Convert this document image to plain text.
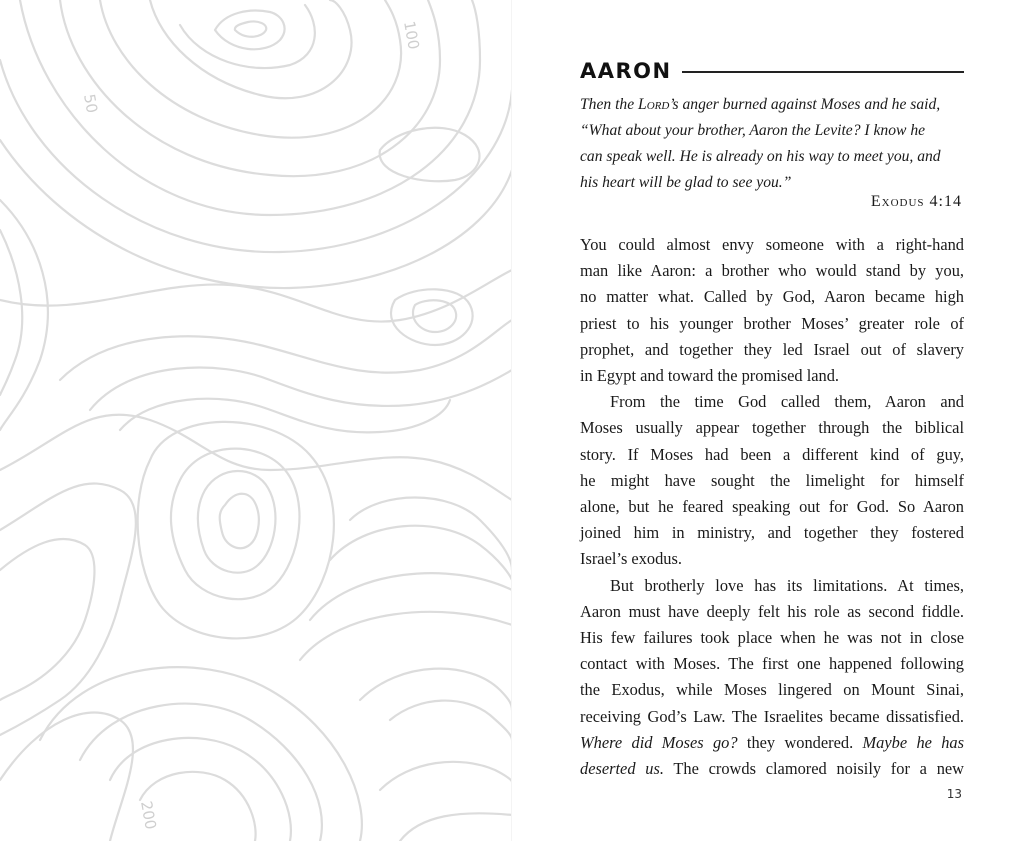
100
50
200
AARON

Then the Lord’s anger burned against Moses and he said,
“What about your brother, Aaron the Levite? I know he
can speak well. He is already on his way to meet you, and
his heart will be glad to see you.”

Exodus 4:14

You could almost envy someone with a right-hand

man like Aaron: a brother who would stand by you,

no matter what. Called by God, Aaron became high

priest to his younger brother Moses’ greater role of

prophet, and together they led Israel out of slavery

in Egypt and toward the promised land.

From the time God called them, Aaron and

Moses usually appear together through the biblical

story. If Moses had been a different kind of guy,

he might have sought the limelight for himself

alone, but he feared speaking out for God. So Aaron

joined him in ministry, and together they fostered

Israel’s exodus.

But brotherly love has its limitations. At times,

Aaron must have deeply felt his role as second fiddle.

His few failures took place when he was not in close

contact with Moses. The first one happened following

the Exodus, while Moses lingered on Mount Sinai,

receiving God’s Law. The Israelites became dissatisfied.

Where did Moses go? they wondered. Maybe he has

deserted us. The crowds clamored noisily for a new

13
